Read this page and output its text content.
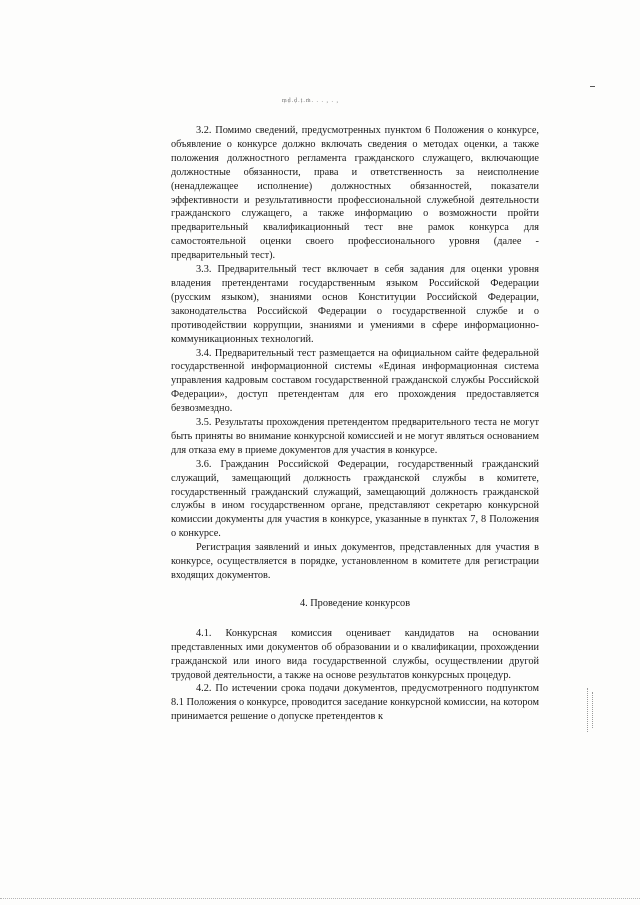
ṃḍ.ḍ.ṭ.ṁ. . . , . ,

3.2. Помимо сведений, предусмотренных пунктом 6 Положения о конкурсе, объявление о конкурсе должно включать сведения о методах оценки, а также положения должностного регламента гражданского служащего, включающие должностные обязанности, права и ответственность за неисполнение (ненадлежащее исполнение) должностных обязанностей, показатели эффективности и результативности профессиональной служебной деятельности гражданского служащего, а также информацию о возможности пройти предварительный квалификационный тест вне рамок конкурса для самостоятельной оценки своего профессионального уровня (далее - предварительный тест).

3.3. Предварительный тест включает в себя задания для оценки уровня владения претендентами государственным языком Российской Федерации (русским языком), знаниями основ Конституции Российской Федерации, законодательства Российской Федерации о государственной службе и о противодействии коррупции, знаниями и умениями в сфере информационно-коммуникационных технологий.

3.4. Предварительный тест размещается на официальном сайте федеральной государственной информационной системы «Единая информационная система управления кадровым составом государственной гражданской службы Российской Федерации», доступ претендентам для его прохождения предоставляется безвозмездно.

3.5. Результаты прохождения претендентом предварительного теста не могут быть приняты во внимание конкурсной комиссией и не могут являться основанием для отказа ему в приеме документов для участия в конкурсе.

3.6. Гражданин Российской Федерации, государственный гражданский служащий, замещающий должность гражданской службы в комитете, государственный гражданский служащий, замещающий должность гражданской службы в ином государственном органе, представляют секретарю конкурсной комиссии документы для участия в конкурсе, указанные в пунктах 7, 8 Положения о конкурсе.

Регистрация заявлений и иных документов, представленных для участия в конкурсе, осуществляется в порядке, установленном в комитете для регистрации входящих документов.

4. Проведение конкурсов

4.1. Конкурсная комиссия оценивает кандидатов на основании представленных ими документов об образовании и о квалификации, прохождении гражданской или иного вида государственной службы, осуществлении другой трудовой деятельности, а также на основе результатов конкурсных процедур.

4.2. По истечении срока подачи документов, предусмотренного подпунктом 8.1 Положения о конкурсе, проводится заседание конкурсной комиссии, на котором принимается решение о допуске претендентов к
